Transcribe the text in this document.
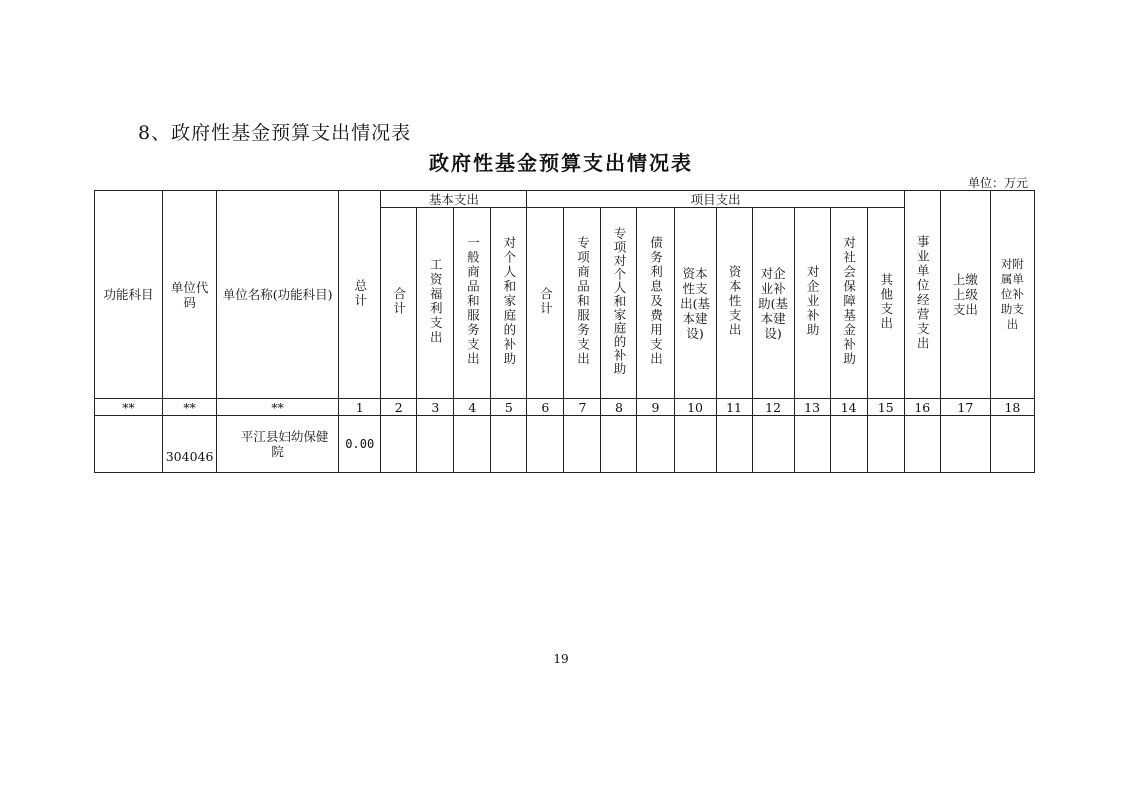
8、政府性基金预算支出情况表
政府性基金预算支出情况表
单位：万元
功能科目	单位代码	单位名称(功能科目)	总计	基本支出				项目支出										事业单位经营支出	上缴上级支出	对附属单位补助支出
				合计	工资福利支出	一般商品和服务支出	对个人和家庭的补助	合计	专项商品和服务支出	专项对个人和家庭的补助	债务利息及费用支出	资本性支出(基本建设)	资本性支出	对企业补助(基本建设)	对企业补助	对社会保障基金补助	其他支出			
**	**	**	1	2	3	4	5	6	7	8	9	10	11	12	13	14	15	16	17	18
	304046	平江县妇幼保健院	0.00																	
19
